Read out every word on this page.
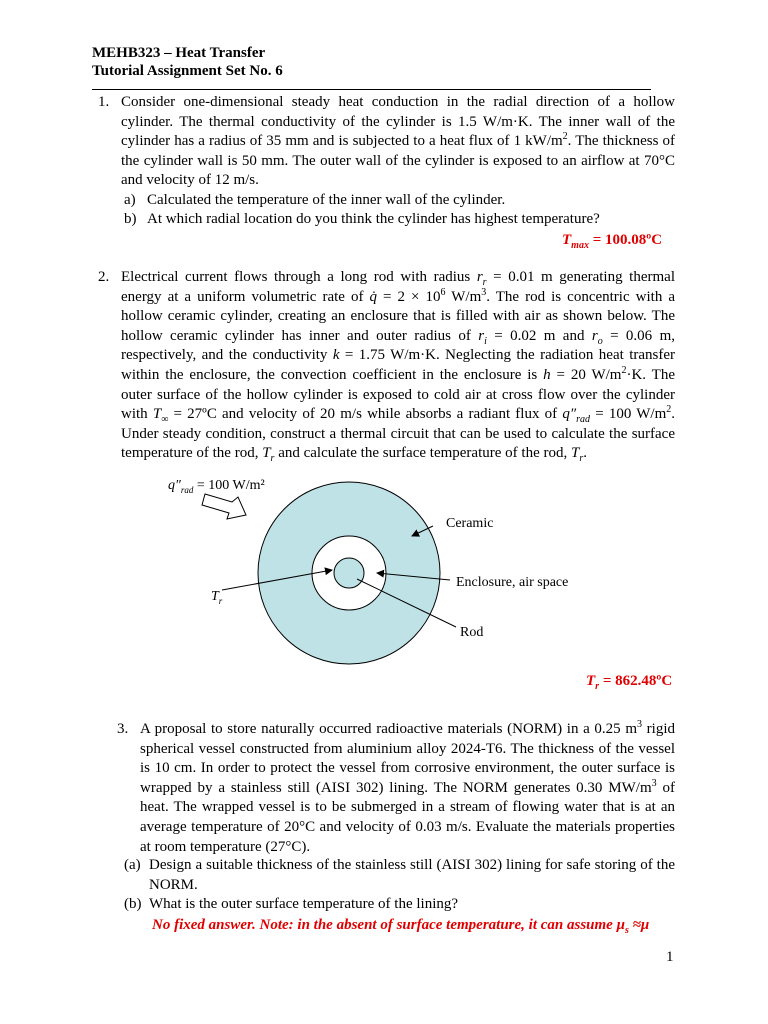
MEHB323 – Heat Transfer
Tutorial Assignment Set No. 6
1. Consider one-dimensional steady heat conduction in the radial direction of a hollow cylinder. The thermal conductivity of the cylinder is 1.5 W/m·K. The inner wall of the cylinder has a radius of 35 mm and is subjected to a heat flux of 1 $kW/m^2$. The thickness of the cylinder wall is 50 mm. The outer wall of the cylinder is exposed to an airflow at 70°C and velocity of 12 m/s.

a) Calculated the temperature of the inner wall of the cylinder.
b) At which radial location do you think the cylinder has highest temperature?
$T_{max}$ = 100.08ºC
2. Electrical current flows through a long rod with radius $r_r = 0.01$ m generating thermal energy at a uniform volumetric rate of q̇ = $2 \times 10^6$ $W/m^3$. The rod is concentric with a hollow ceramic cylinder, creating an enclosure that is filled with air as shown below. The hollow ceramic cylinder has inner and outer radius of $r_i = 0.02$ m and $r_o = 0.06$ m, respectively, and the conductivity k = 1.75 W/m·K. Neglecting the radiation heat transfer within the enclosure, the convection coefficient in the enclosure is h = 20 $W/m^2\cdot K$. The outer surface of the hollow cylinder is exposed to cold air at cross flow over the cylinder with $T_\infty$ = 27ºC and velocity of 20 m/s while absorbs a radiant flux of $q''_{rad} = 100$ $W/m^2$. Under steady condition, construct a thermal circuit that can be used to calculate the surface temperature of the rod, $T_r$ and calculate the surface temperature of the rod, $T_r$.

$q''_{rad} = 100$ W/m²
Ceramic
Enclosure, air space
Rod
$T_r$
$T_r$ = 862.48ºC
3. A proposal to store naturally occurred radioactive materials (NORM) in a 0.25 $m^3$ rigid spherical vessel constructed from aluminium alloy 2024-T6. The thickness of the vessel is 10 cm. In order to protect the vessel from corrosive environment, the outer surface is wrapped by a stainless still (AISI 302) lining. The NORM generates 0.30 $MW/m^3$ of heat. The wrapped vessel is to be submerged in a stream of flowing water that is at an average temperature of 20°C and velocity of 0.03 m/s. Evaluate the materials properties at room temperature (27°C).

(a) Design a suitable thickness of the stainless still (AISI 302) lining for safe storing of the NORM.

(b) What is the outer surface temperature of the lining?
No fixed answer. Note: in the absent of surface temperature, it can assume $\mu_s \approx\mu$
1
